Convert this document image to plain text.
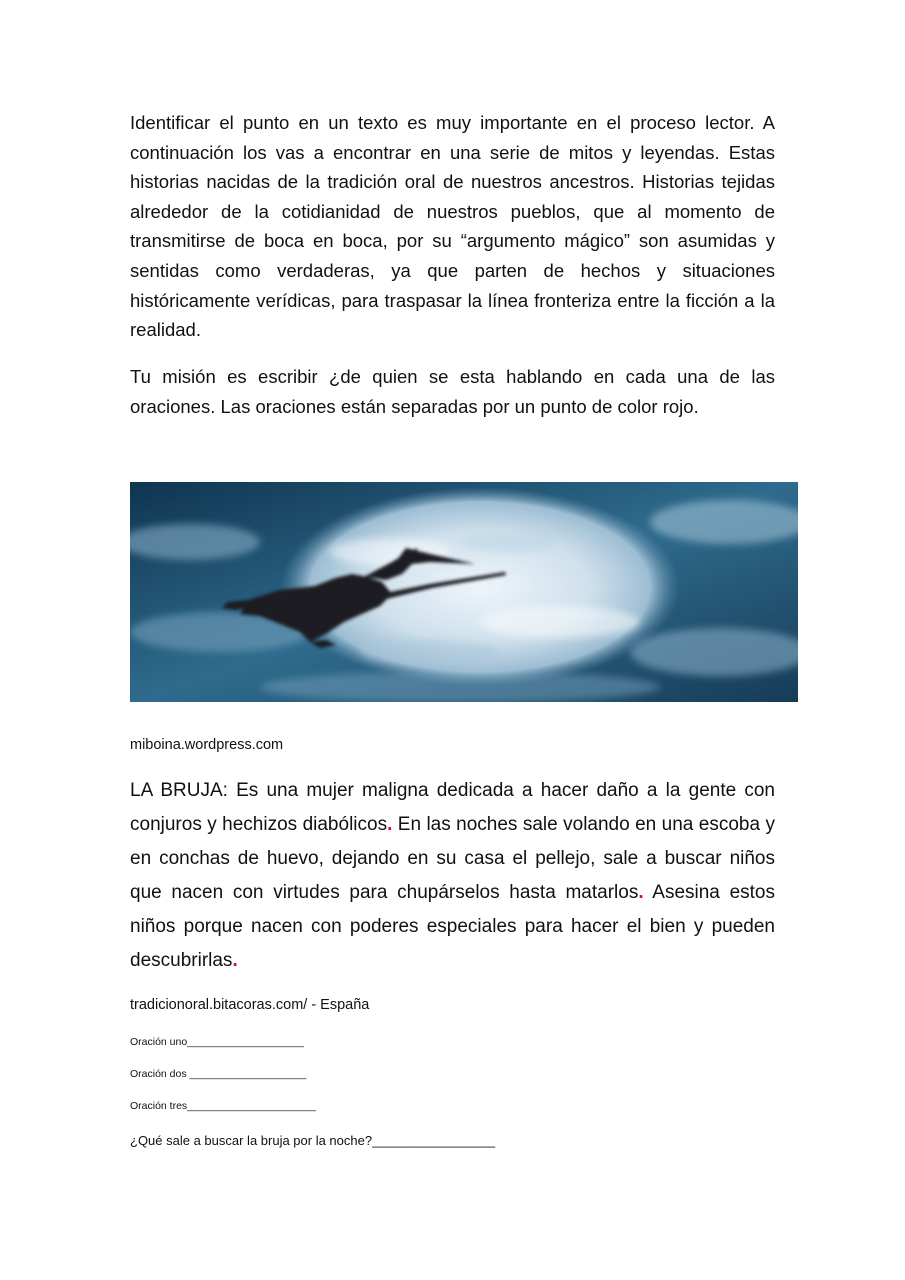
Identificar el punto en un texto es muy importante en el proceso lector. A continuación los vas a encontrar en una serie de mitos y leyendas. Estas historias nacidas de la tradición oral de nuestros ancestros. Historias tejidas alrededor de la cotidianidad de nuestros pueblos, que al momento de transmitirse de boca en boca, por su “argumento mágico” son asumidas y sentidas como verdaderas, ya que parten de hechos y situaciones históricamente verídicas, para traspasar la línea fronteriza entre la ficción a la realidad.

Tu misión es escribir ¿de quien se esta hablando en cada una de las oraciones. Las oraciones están separadas por un punto de color rojo.

miboina.wordpress.com

LA BRUJA: Es una mujer maligna dedicada a hacer daño a la gente con conjuros y hechizos diabólicos. En las noches sale volando en una escoba y en conchas de huevo, dejando en su casa el pellejo, sale a buscar niños que nacen con virtudes para chupárselos hasta matarlos. Asesina estos niños porque nacen con poderes especiales para hacer el bien y pueden descubrirlas.

tradicionoral.bitacoras.com/ - España

Oración uno____________________

Oración dos ____________________

Oración tres______________________

¿Qué sale a buscar la bruja por la noche?_________________
